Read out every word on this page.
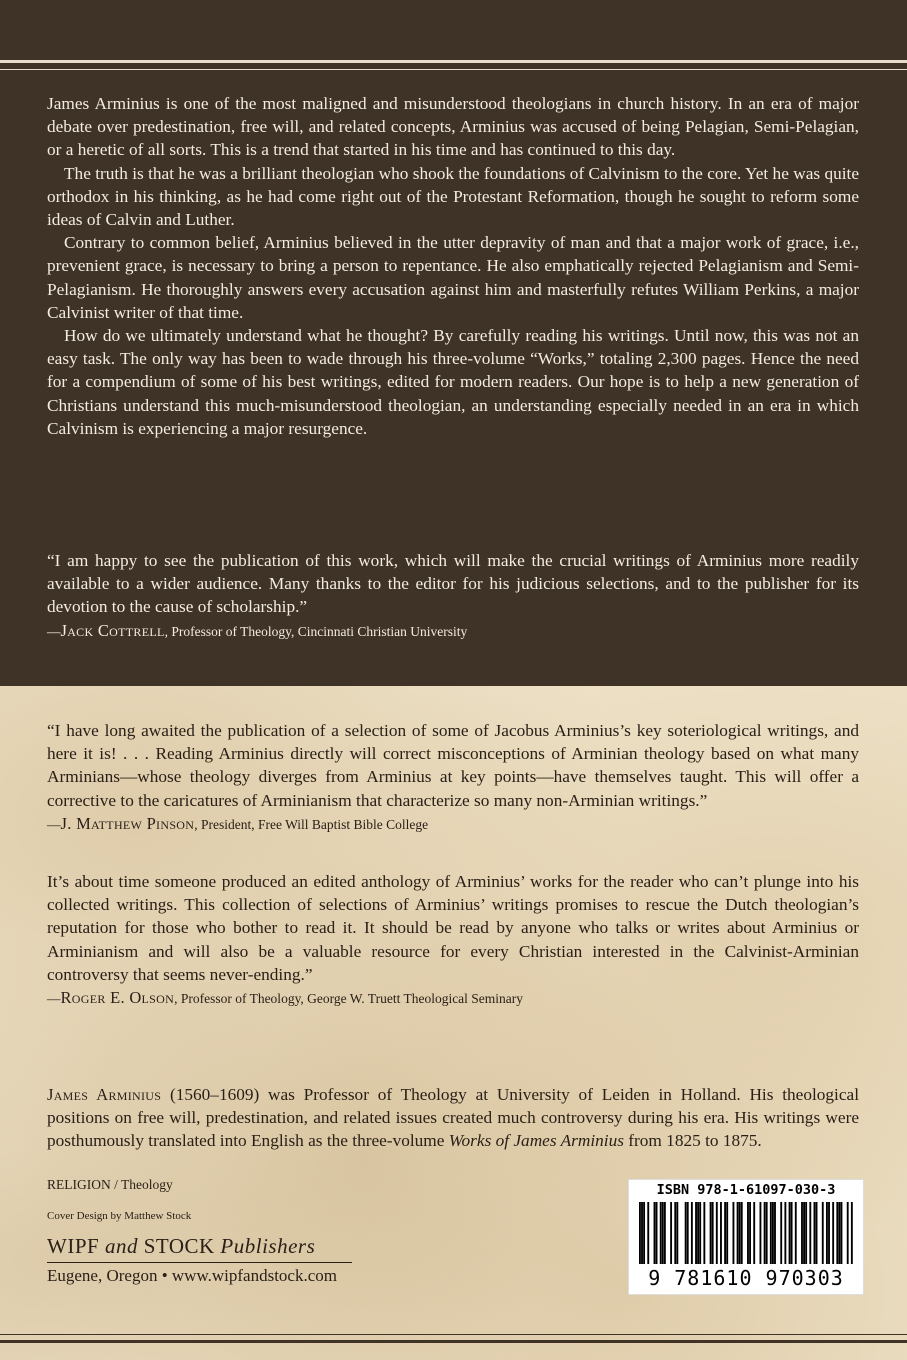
James Arminius is one of the most maligned and misunderstood theologians in church history. In an era of major debate over predestination, free will, and related concepts, Arminius was accused of being Pelagian, Semi-Pelagian, or a heretic of all sorts. This is a trend that started in his time and has continued to this day.

The truth is that he was a brilliant theologian who shook the foundations of Calvinism to the core. Yet he was quite orthodox in his thinking, as he had come right out of the Protestant Reformation, though he sought to reform some ideas of Calvin and Luther.

Contrary to common belief, Arminius believed in the utter depravity of man and that a major work of grace, i.e., prevenient grace, is necessary to bring a person to repentance. He also emphatically rejected Pelagianism and Semi-Pelagianism. He thoroughly answers every accusation against him and masterfully refutes William Perkins, a major Calvinist writer of that time.

How do we ultimately understand what he thought? By carefully reading his writings. Until now, this was not an easy task. The only way has been to wade through his three-volume “Works,” totaling 2,300 pages. Hence the need for a compendium of some of his best writings, edited for modern readers. Our hope is to help a new generation of Christians understand this much-misunderstood theologian, an understanding especially needed in an era in which Calvinism is experiencing a major resurgence.

“I am happy to see the publication of this work, which will make the crucial writings of Arminius more readily available to a wider audience. Many thanks to the editor for his judicious selections, and to the publisher for its devotion to the cause of scholarship.”

—Jack Cottrell, Professor of Theology, Cincinnati Christian University

“I have long awaited the publication of a selection of some of Jacobus Arminius’s key soteriological writings, and here it is! . . . Reading Arminius directly will correct misconceptions of Arminian theology based on what many Arminians—whose theology diverges from Arminius at key points—have themselves taught. This will offer a corrective to the caricatures of Arminianism that characterize so many non-Arminian writings.”

—J. Matthew Pinson, President, Free Will Baptist Bible College

It’s about time someone produced an edited anthology of Arminius’ works for the reader who can’t plunge into his collected writings. This collection of selections of Arminius’ writings promises to rescue the Dutch theologian’s reputation for those who bother to read it. It should be read by anyone who talks or writes about Arminius or Arminianism and will also be a valuable resource for every Christian interested in the Calvinist-Arminian controversy that seems never-ending.”

—Roger E. Olson, Professor of Theology, George W. Truett Theological Seminary

James Arminius (1560–1609) was Professor of Theology at University of Leiden in Holland. His theological positions on free will, predestination, and related issues created much controversy during his era. His writings were posthumously translated into English as the three-volume Works of James Arminius from 1825 to 1875.

RELIGION / Theology
Cover Design by Matthew Stock
WIPF and STOCK Publishers
Eugene, Oregon • www.wipfandstock.com
ISBN 978-1-61097-030-3
9 781610 970303
